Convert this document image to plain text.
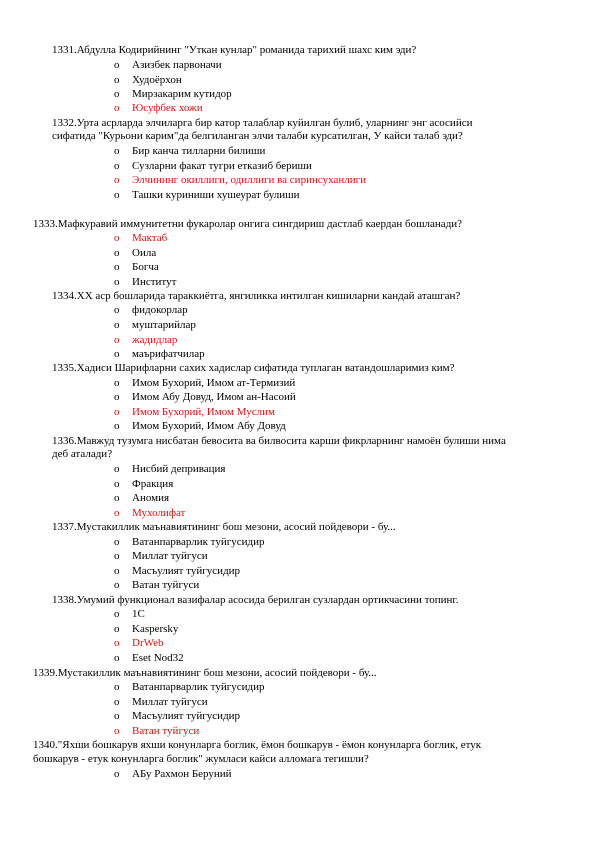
1331.Абдулла Кодирийнинг "Уткан кунлар" романида тарихий шахс ким эди?
o Азизбек парвоначи
o Худоёрхон
o Мирзакарим кутидор
o Юсуфбек хожи
1332.Урта асрларда элчиларга бир катор талаблар куйилган булиб, уларнинг энг асосийси
сифатида "Курьони карим"да белгиланган элчи талаби курсатилган, У кайси талаб эди?
o Бир канча тилларни билиши
o Сузларни факат тугри етказиб бериши
o Элчининг окиллиги, одиллиги ва сиринсуханлиги
o Ташки куриниши хушеурат булиши
1333.Мафкуравий иммунитетни фукаролар онгига сингдириш дастлаб каердан бошланади?
o Мактаб
o Оила
o Богча
o Институт
1334.XX аср бошларида тараккиётга, янгиликка интилган кишиларни кандай аташган?
o фидокорлар
o муштарийлар
o жадидлар
o маърифатчилар
1335.Хадиси Шарифларни сахих хадислар сифатида туплаган ватандошларимиз ким?
o Имом Бухорий, Имом ат-Термизий
o Имом Абу Довуд, Имом ан-Насоий
o Имом Бухорий, Имом Муслим
o Имом Бухорий, Имом Абу Довуд
1336.Мавжуд тузумга нисбатан бевосита ва билвосита карши фикрларнинг намоён булиши нима
деб аталади?
o Нисбий депривация
o Фракция
o Аномия
o Мухолифат
1337.Мустакиллик маънавиятининг бош мезони, асосий пойдевори - бу...
o Ватанпарварлик туйгусидир
o Миллат туйгуси
o Масъулият туйгусидир
o Ватан туйгуси
1338.Умумий функционал вазифалар асосида берилган сузлардан ортикчасини топинг.
o 1C
o Kaspersky
o DrWeb
o Eset Nod32
1339.Мустакиллик маънавиятининг бош мезони, асосий пойдевори - бу...
o Ватанпарварлик туйгусидир
o Миллат туйгуси
o Масъулият туйгусидир
o Ватан туйгуси
1340."Яхши бошкарув яхши конунларга боглик, ёмон бошкарув - ёмон конунларга боглик, етук
бошкарув - етук конунларга боглик" жумласи кайси алломага тегишли?
o АБу Рахмон Беруний
